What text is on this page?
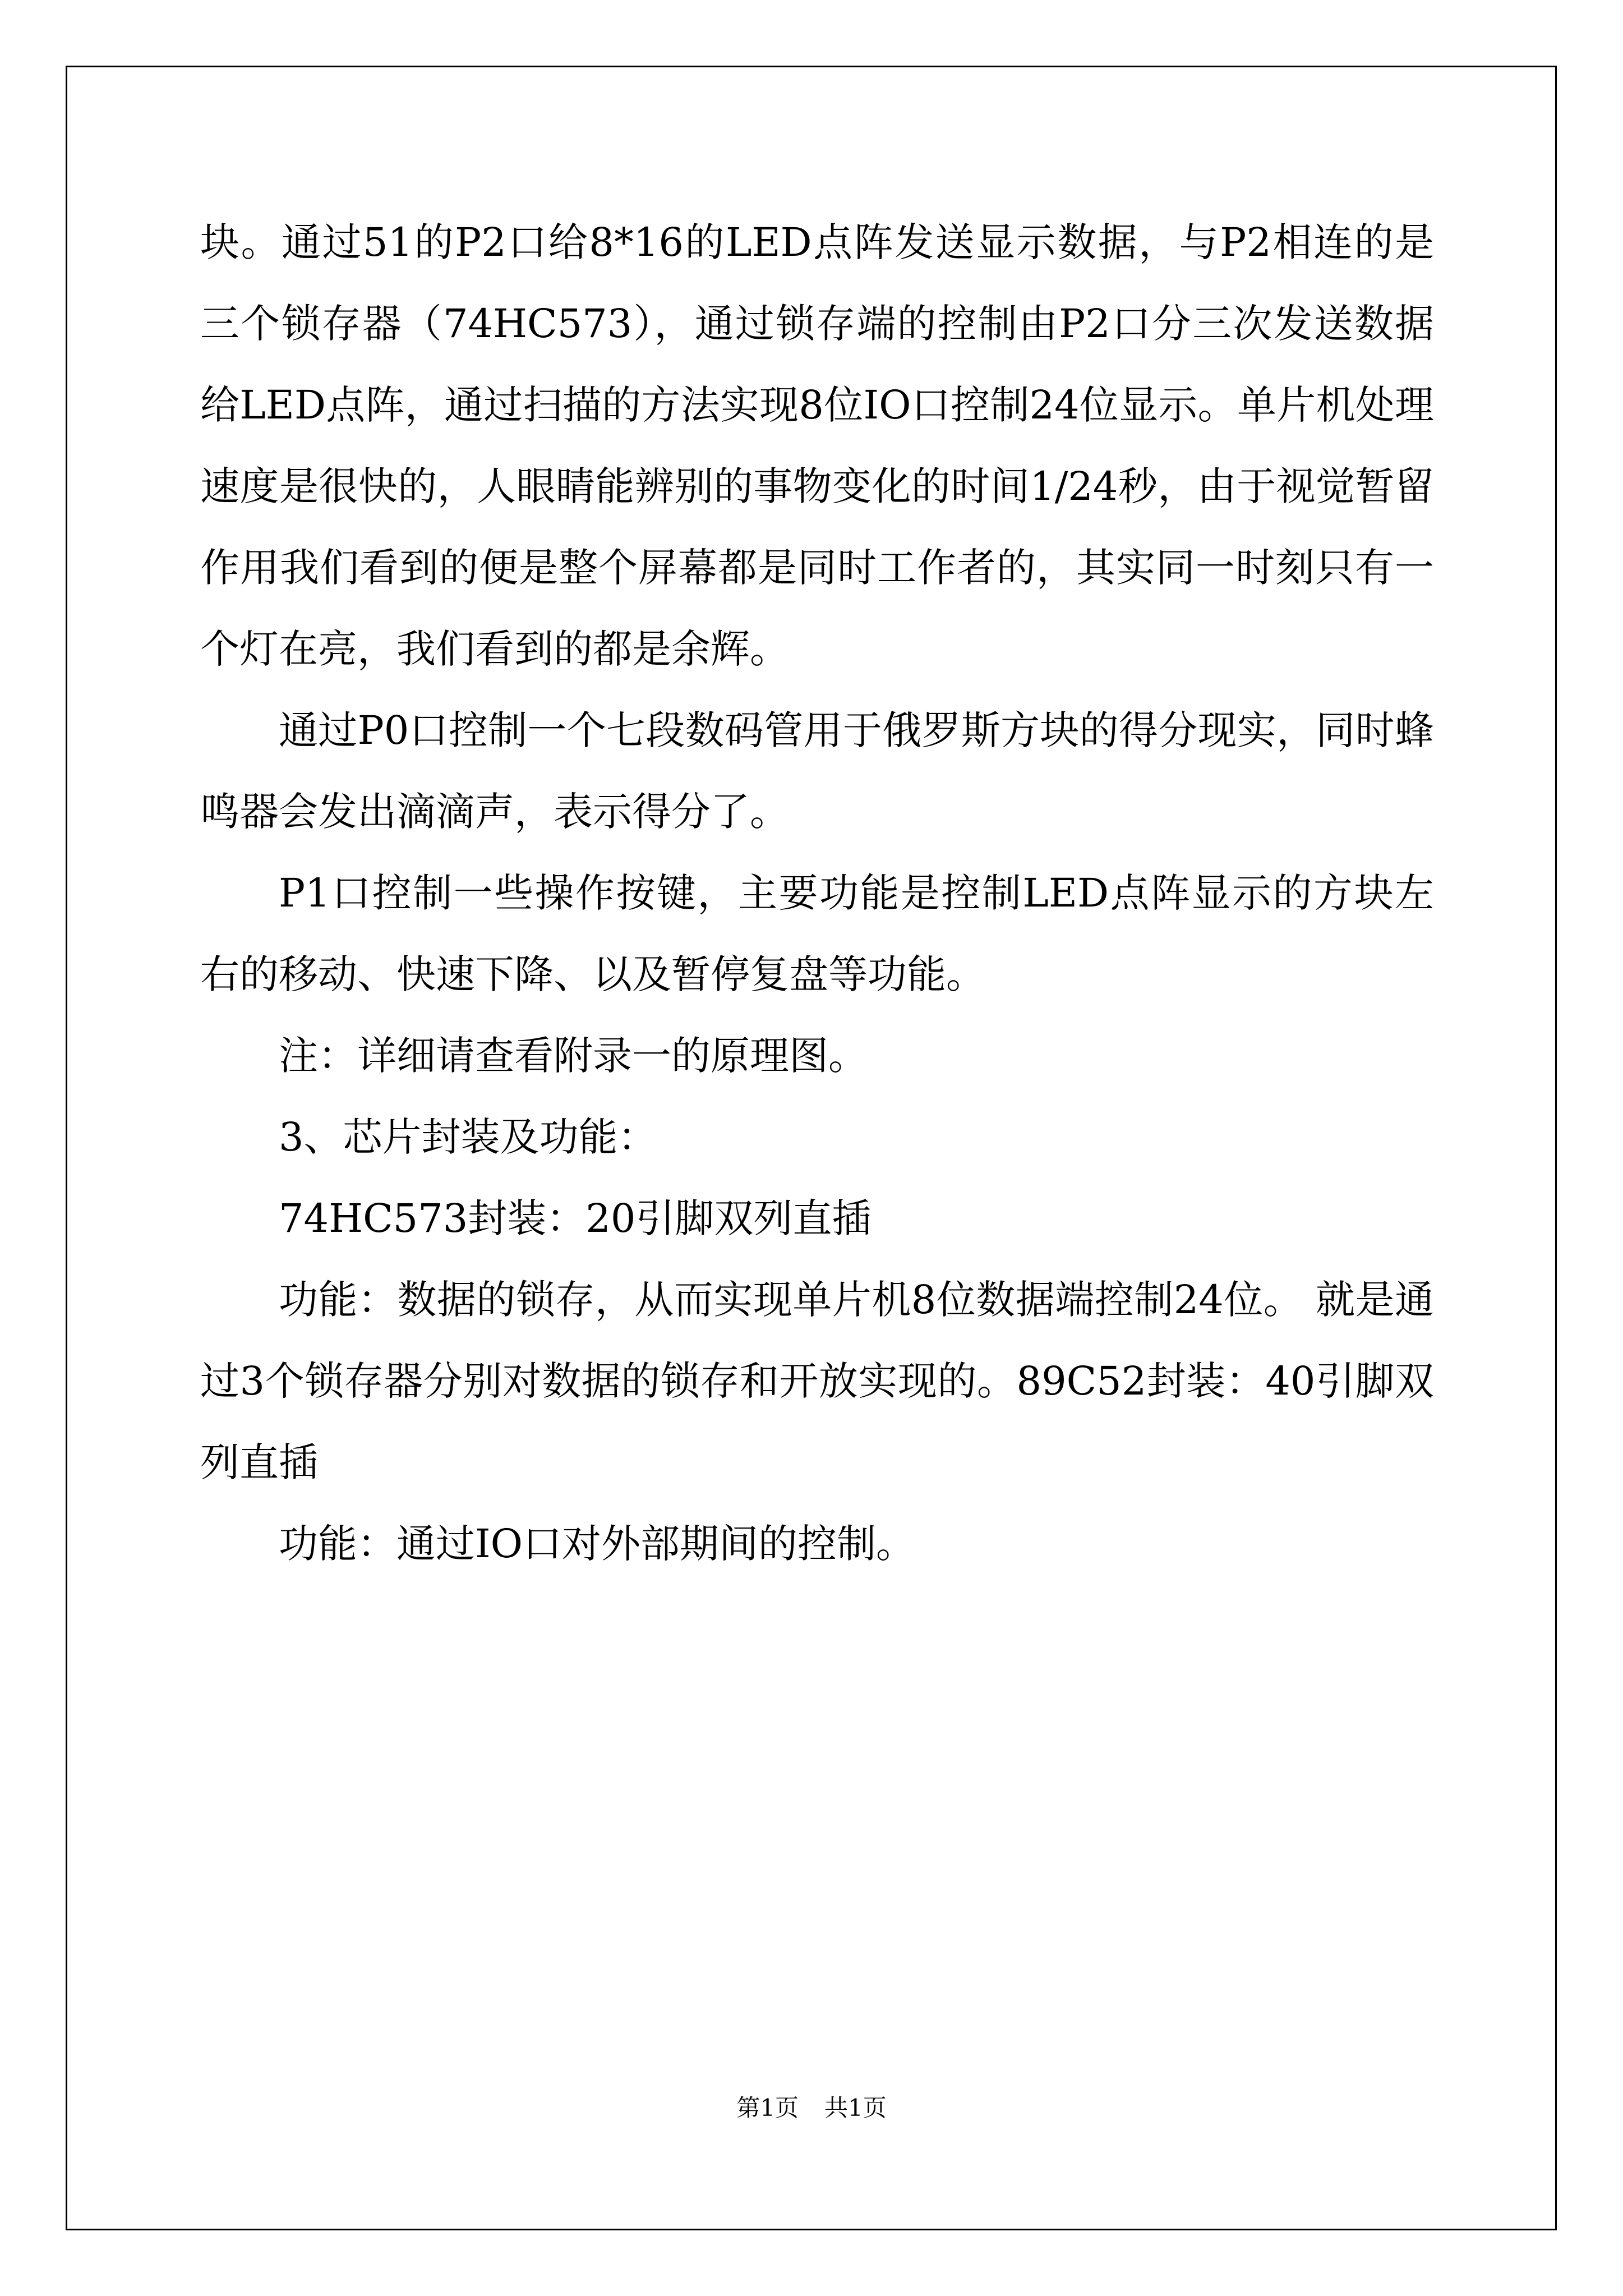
块。通过51的P2口给8*16的LED点阵发送显示数据，与P2相连的是三个锁存器（74HC573），通过锁存端的控制由P2口分三次发送数据给LED点阵，通过扫描的方法实现8位IO口控制24位显示。单片机处理速度是很快的，人眼睛能辨别的事物变化的时间1/24秒，由于视觉暂留作用我们看到的便是整个屏幕都是同时工作者的，其实同一时刻只有一个灯在亮，我们看到的都是余辉。

通过P0口控制一个七段数码管用于俄罗斯方块的得分现实，同时蜂鸣器会发出滴滴声，表示得分了。

P1口控制一些操作按键，主要功能是控制LED点阵显示的方块左右的移动、快速下降、以及暂停复盘等功能。

注：详细请查看附录一的原理图。

3、芯片封装及功能：

74HC573封装：20引脚双列直插

功能：数据的锁存，从而实现单片机8位数据端控制24位。 就是通过3个锁存器分别对数据的锁存和开放实现的。89C52封装：40引脚双列直插

功能：通过IO口对外部期间的控制。

第1页 共1页
